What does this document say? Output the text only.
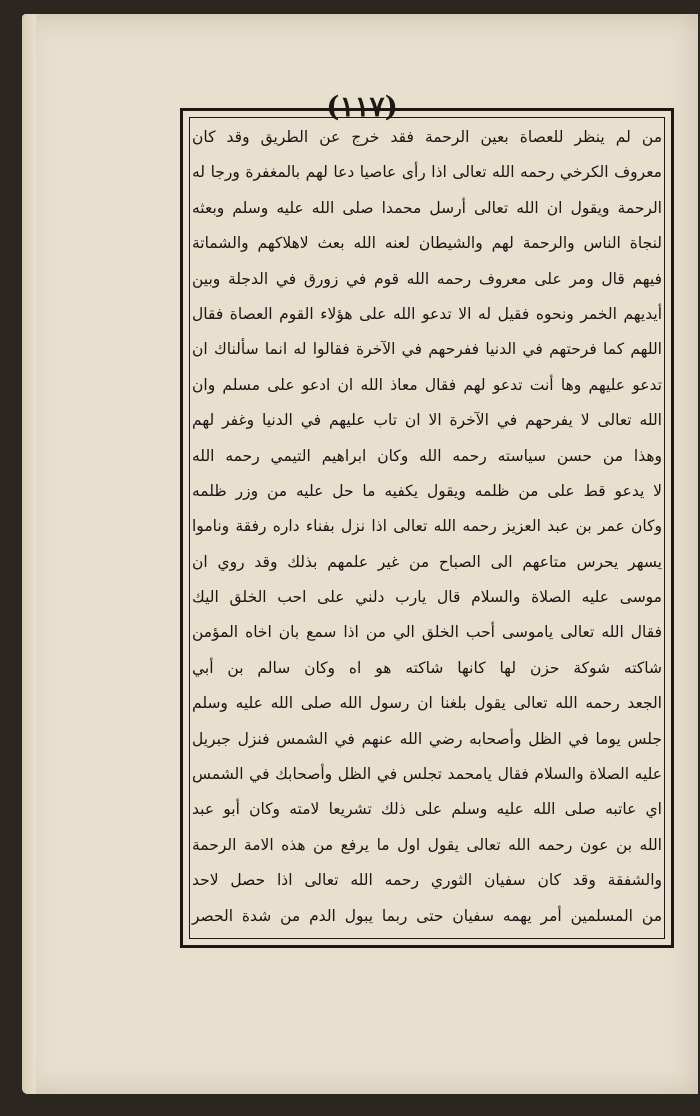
(١١٧)
من لم ينظر للعصاة بعين الرحمة فقد خرج عن الطريق وقد كان
معروف الكرخي رحمه الله تعالى اذا رأى عاصيا دعا لهم بالمغفرة ورجا له
الرحمة ويقول ان الله تعالى أرسل محمدا صلى الله عليه وسلم وبعثه
لنجاة الناس والرحمة لهم والشيطان لعنه الله بعث لاهلاكهم والشماتة
فيهم قال ومر على معروف رحمه الله قوم في زورق في الدجلة وبين
أيديهم الخمر ونحوه فقيل له الا تدعو الله على هؤلاء القوم العصاة فقال
اللهم كما فرحتهم في الدنيا ففرحهم في الآخرة فقالوا له انما سألناك ان
تدعو عليهم وها أنت تدعو لهم فقال معاذ الله ان ادعو على مسلم وان
الله تعالى لا يفرحهم في الآخرة الا ان تاب عليهم في الدنيا وغفر لهم
وهذا من حسن سياسته رحمه الله وكان ابراهيم التيمي رحمه الله
لا يدعو قط على من ظلمه ويقول يكفيه ما حل عليه من وزر ظلمه
وكان عمر بن عبد العزيز رحمه الله تعالى اذا نزل بفناء داره رفقة وناموا
يسهر يحرس متاعهم الى الصباح من غير علمهم بذلك وقد روي ان
موسى عليه الصلاة والسلام قال يارب دلني على احب الخلق اليك
فقال الله تعالى ياموسى أحب الخلق الي من اذا سمع بان اخاه المؤمن
شاكته شوكة حزن لها كانها شاكته هو اه وكان سالم بن أبي
الجعد رحمه الله تعالى يقول بلغنا ان رسول الله صلى الله عليه وسلم
جلس يوما في الظل وأصحابه رضي الله عنهم في الشمس فنزل جبريل
عليه الصلاة والسلام فقال يامحمد تجلس في الظل وأصحابك في الشمس
اي عاتبه صلى الله عليه وسلم على ذلك تشريعا لامته وكان أبو عبد
الله بن عون رحمه الله تعالى يقول اول ما يرفع من هذه الامة الرحمة
والشفقة وقد كان سفيان الثوري رحمه الله تعالى اذا حصل لاحد
من المسلمين أمر يهمه سفيان حتى ربما يبول الدم من شدة الحصر
